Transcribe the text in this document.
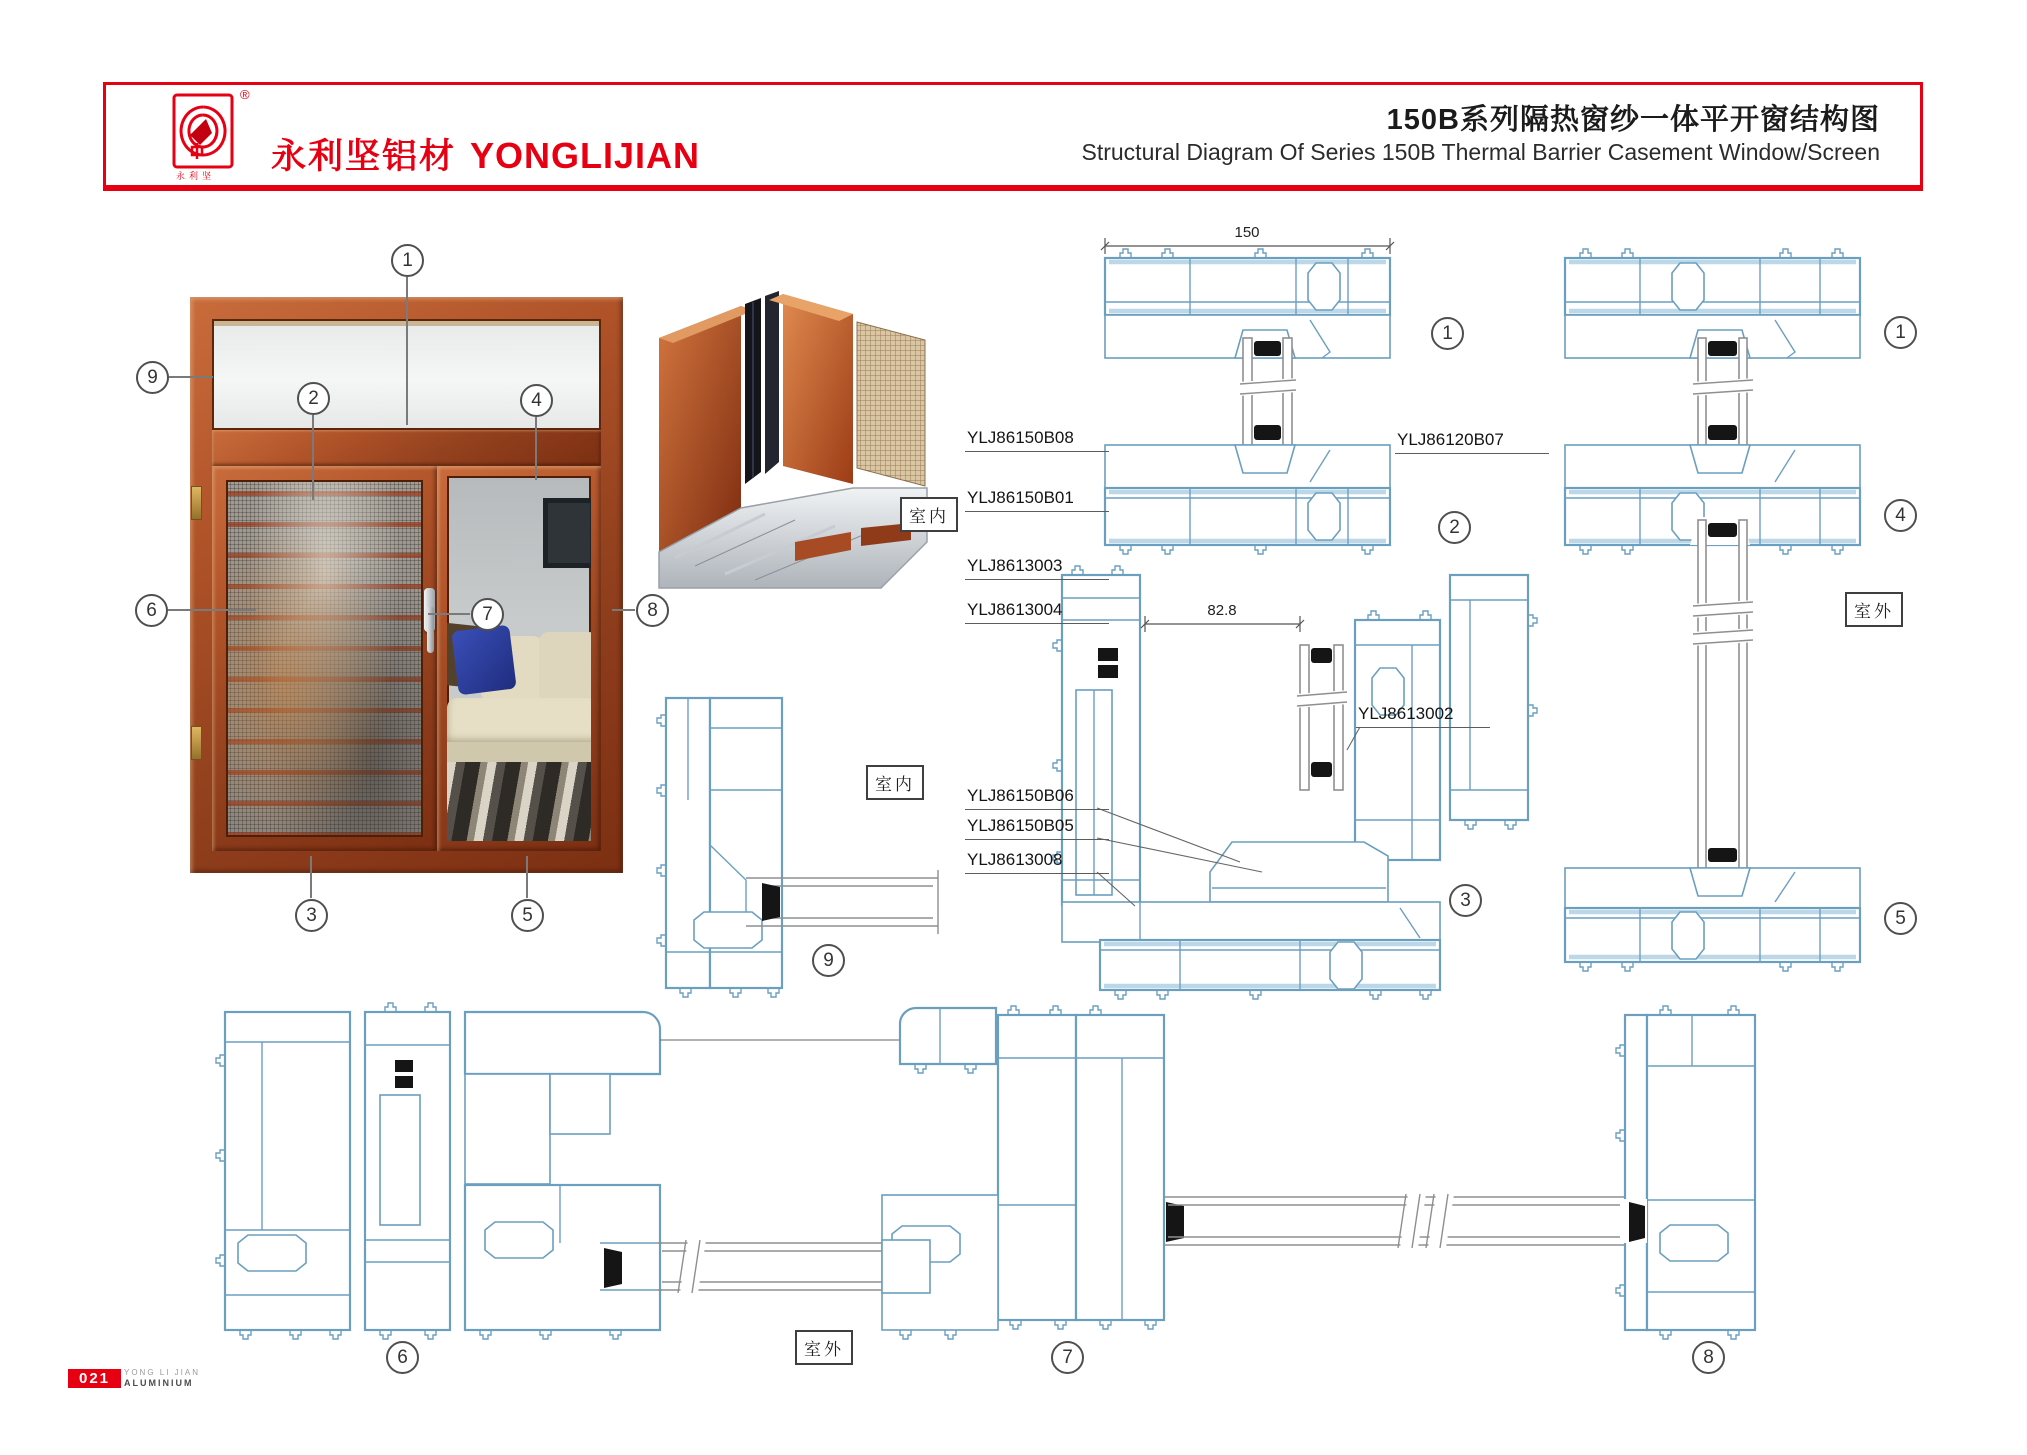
®
永利坚 永利坚铝材 YONGLIJIAN
150B系列隔热窗纱一体平开窗结构图
Structural Diagram Of Series 150B Thermal Barrier Casement Window/Screen
YLJ86150B08
YLJ86150B01
YLJ8613003
YLJ8613004
YLJ86150B06
YLJ86150B05
YLJ8613008
YLJ86120B07
YLJ8613002
150
82.8
室内
室内
室外
室外
1
9
2	4
6	7	8
3	5
1
2
3
1
4
5
9
6	7	8
021	YONG LI JIAN
ALUMINIUM
